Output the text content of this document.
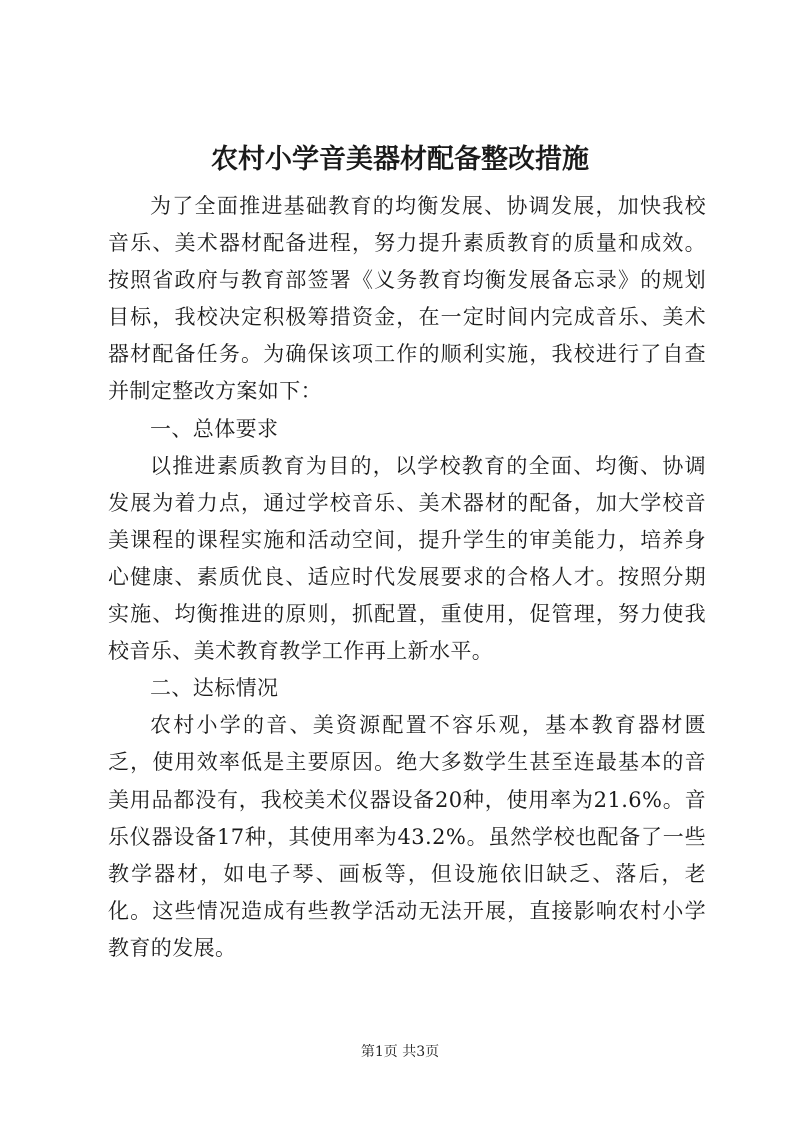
农村小学音美器材配备整改措施

为了全面推进基础教育的均衡发展、协调发展，加快我校音乐、美术器材配备进程，努力提升素质教育的质量和成效。按照省政府与教育部签署《义务教育均衡发展备忘录》的规划目标，我校决定积极筹措资金，在一定时间内完成音乐、美术器材配备任务。为确保该项工作的顺利实施，我校进行了自查并制定整改方案如下：

一、总体要求

以推进素质教育为目的，以学校教育的全面、均衡、协调发展为着力点，通过学校音乐、美术器材的配备，加大学校音美课程的课程实施和活动空间，提升学生的审美能力，培养身心健康、素质优良、适应时代发展要求的合格人才。按照分期实施、均衡推进的原则，抓配置，重使用，促管理，努力使我校音乐、美术教育教学工作再上新水平。

二、达标情况

农村小学的音、美资源配置不容乐观，基本教育器材匮乏，使用效率低是主要原因。绝大多数学生甚至连最基本的音美用品都没有，我校美术仪器设备20种，使用率为21.6%。音乐仪器设备17种，其使用率为43.2%。虽然学校也配备了一些教学器材，如电子琴、画板等，但设施依旧缺乏、落后，老化。这些情况造成有些教学活动无法开展，直接影响农村小学教育的发展。

第1页 共3页
